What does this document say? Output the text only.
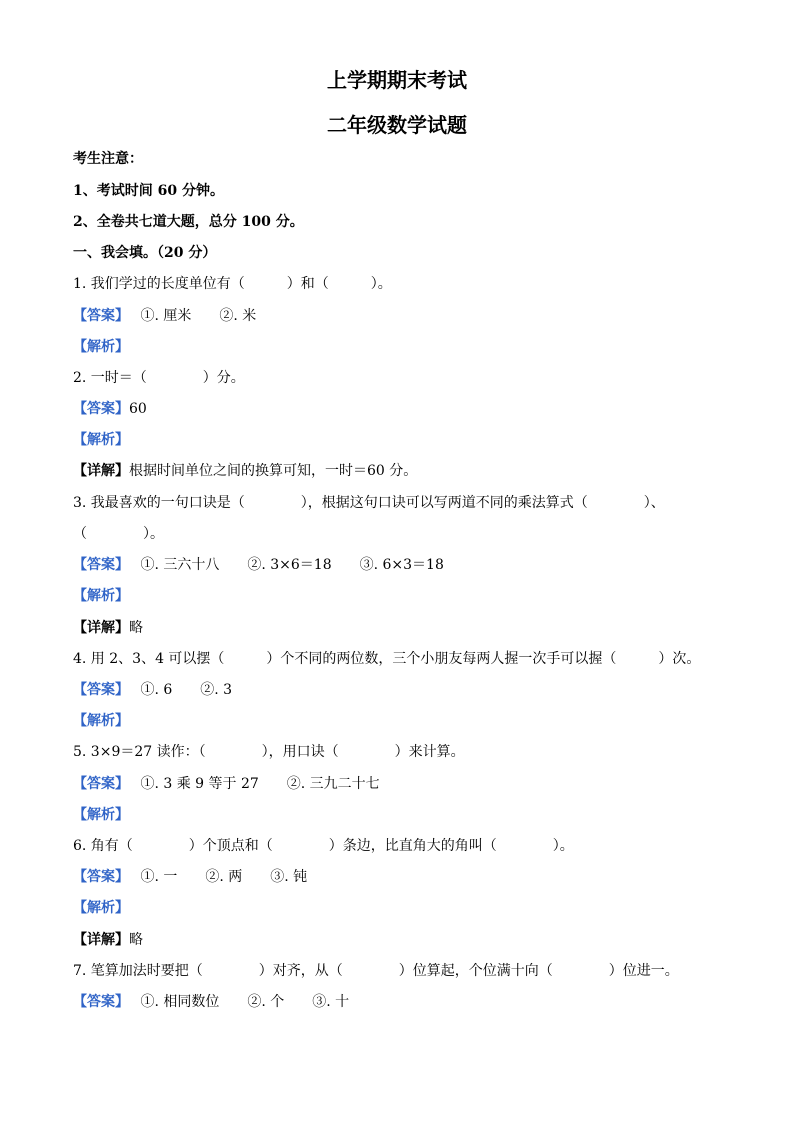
上学期期末考试
二年级数学试题
考生注意：
1、考试时间 60 分钟。
2、全卷共七道大题，总分 100 分。
一、我会填。（20 分）
1. 我们学过的长度单位有（　　　）和（　　　）。
【答案】　 ①. 厘米　　②. 米
【解析】
2. 一时＝（　　　　）分。
【答案】60
【解析】
【详解】根据时间单位之间的换算可知，一时＝60 分。
3. 我最喜欢的一句口诀是（　　　　），根据这句口诀可以写两道不同的乘法算式（　　　　）、
（　　　　）。
【答案】　 ①. 三六十八　　②. 3×6＝18　　③. 6×3＝18
【解析】
【详解】略
4. 用 2、3、4 可以摆（　　　）个不同的两位数，三个小朋友每两人握一次手可以握（　　　）次。
【答案】　 ①. 6　　②. 3
【解析】
5. 3×9＝27 读作：（　　　　），用口诀（　　　　）来计算。
【答案】　 ①. 3 乘 9 等于 27　　②. 三九二十七
【解析】
6. 角有（　　　　）个顶点和（　　　　）条边，比直角大的角叫（　　　　）。
【答案】　 ①. 一　　②. 两　　③. 钝
【解析】
【详解】略
7. 笔算加法时要把（　　　　）对齐，从（　　　　）位算起，个位满十向（　　　　）位进一。
【答案】　 ①. 相同数位　　②. 个　　③. 十
